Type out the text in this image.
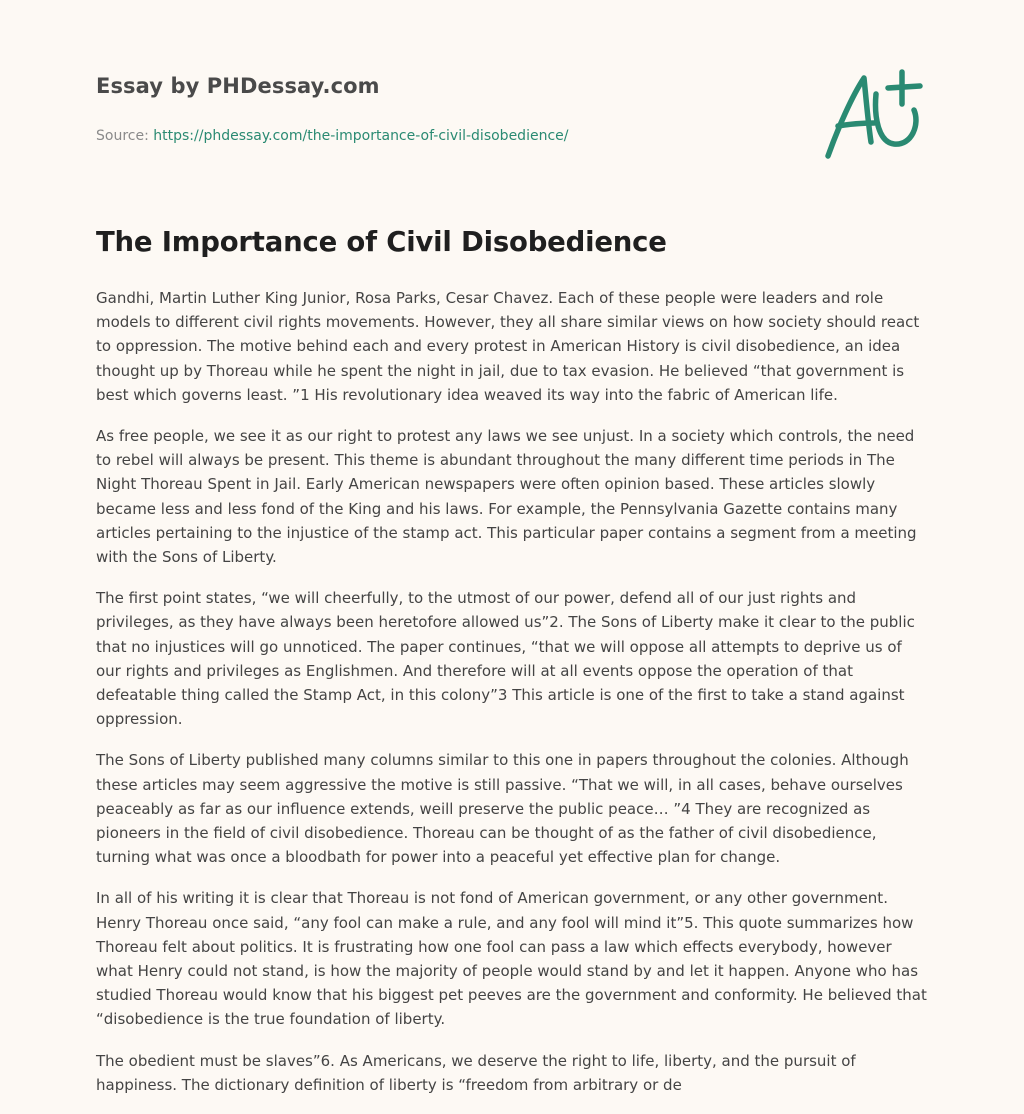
Essay by PHDessay.com
Source: https://phdessay.com/the-importance-of-civil-disobedience/
The Importance of Civil Disobedience

Gandhi, Martin Luther King Junior, Rosa Parks, Cesar Chavez. Each of these people were leaders and role models to different civil rights movements. However, they all share similar views on how society should react to oppression. The motive behind each and every protest in American History is civil disobedience, an idea thought up by Thoreau while he spent the night in jail, due to tax evasion. He believed “that government is best which governs least. ”1 His revolutionary idea weaved its way into the fabric of American life.

As free people, we see it as our right to protest any laws we see unjust. In a society which controls, the need to rebel will always be present. This theme is abundant throughout the many different time periods in The Night Thoreau Spent in Jail. Early American newspapers were often opinion based. These articles slowly became less and less fond of the King and his laws. For example, the Pennsylvania Gazette contains many articles pertaining to the injustice of the stamp act. This particular paper contains a segment from a meeting with the Sons of Liberty.

The first point states, “we will cheerfully, to the utmost of our power, defend all of our just rights and privileges, as they have always been heretofore allowed us”2. The Sons of Liberty make it clear to the public that no injustices will go unnoticed. The paper continues, “that we will oppose all attempts to deprive us of our rights and privileges as Englishmen. And therefore will at all events oppose the operation of that defeatable thing called the Stamp Act, in this colony”3 This article is one of the first to take a stand against oppression.

The Sons of Liberty published many columns similar to this one in papers throughout the colonies. Although these articles may seem aggressive the motive is still passive. “That we will, in all cases, behave ourselves peaceably as far as our influence extends, weill preserve the public peace… ”4 They are recognized as pioneers in the field of civil disobedience. Thoreau can be thought of as the father of civil disobedience, turning what was once a bloodbath for power into a peaceful yet effective plan for change.

In all of his writing it is clear that Thoreau is not fond of American government, or any other government. Henry Thoreau once said, “any fool can make a rule, and any fool will mind it”5. This quote summarizes how Thoreau felt about politics. It is frustrating how one fool can pass a law which effects everybody, however what Henry could not stand, is how the majority of people would stand by and let it happen. Anyone who has studied Thoreau would know that his biggest pet peeves are the government and conformity. He believed that “disobedience is the true foundation of liberty.

The obedient must be slaves”6. As Americans, we deserve the right to life, liberty, and the pursuit of happiness. The dictionary definition of liberty is “freedom from arbitrary or de
